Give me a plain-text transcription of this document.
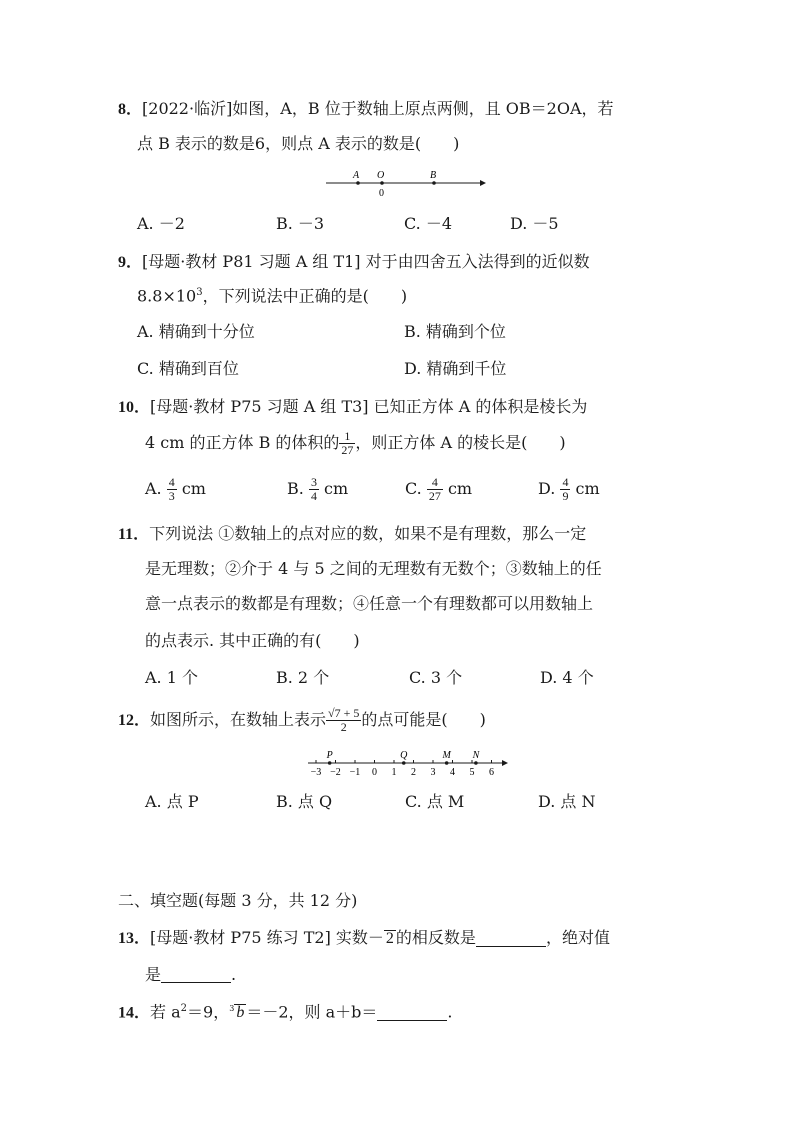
8．[2022·临沂]如图，A，B 位于数轴上原点两侧，且 OB＝2OA，若
点 B 表示的数是6，则点 A 表示的数是(　　)
A O	B
0
A. －2	B. －3	C. －4	D. －5
9．[母题·教材 P81 习题 A 组 T1] 对于由四舍五入法得到的近似数
$8.8\times 10^3$，下列说法中正确的是(　　)
A. 精确到十分位	B. 精确到个位
C. 精确到百位	D. 精确到千位
10．[母题·教材 P75 习题 A 组 T3] 已知正方体 A 的体积是棱长为
4 cm 的正方体 B 的体积的 $\frac{1}{27}$ ，则正方体 A 的棱长是(　　)
A. $\frac{4}{3}$ cm	B. $\frac{3}{4}$ cm	C. $\frac{4}{27}$ cm	D. $\frac{4}{9}$ cm
11．下列说法 ①数轴上的点对应的数，如果不是有理数，那么一定
是无理数；②介于 4 与 5 之间的无理数有无数个；③数轴上的任
意一点表示的数都是有理数；④任意一个有理数都可以用数轴上
的点表示. 其中正确的有(　　)
A. 1 个	B. 2 个	C. 3 个	D. 4 个
12．如图所示，在数轴上表示 $\frac{√7 + 5}{2}$ 的点可能是(　　)
−3 −2 −1 0 1 2 3 4 5 6
P	Q	M N
A. 点 P	B. 点 Q	C. 点 M	D. 点 N
二、填空题(每题 3 分，共 12 分)
13．[母题·教材 P75 练习 T2] 实数－ 2 的相反数是	，绝对值
是	.
14．若 $a^2=9$，$^3$ b ＝－2，则 a＋b＝	.
